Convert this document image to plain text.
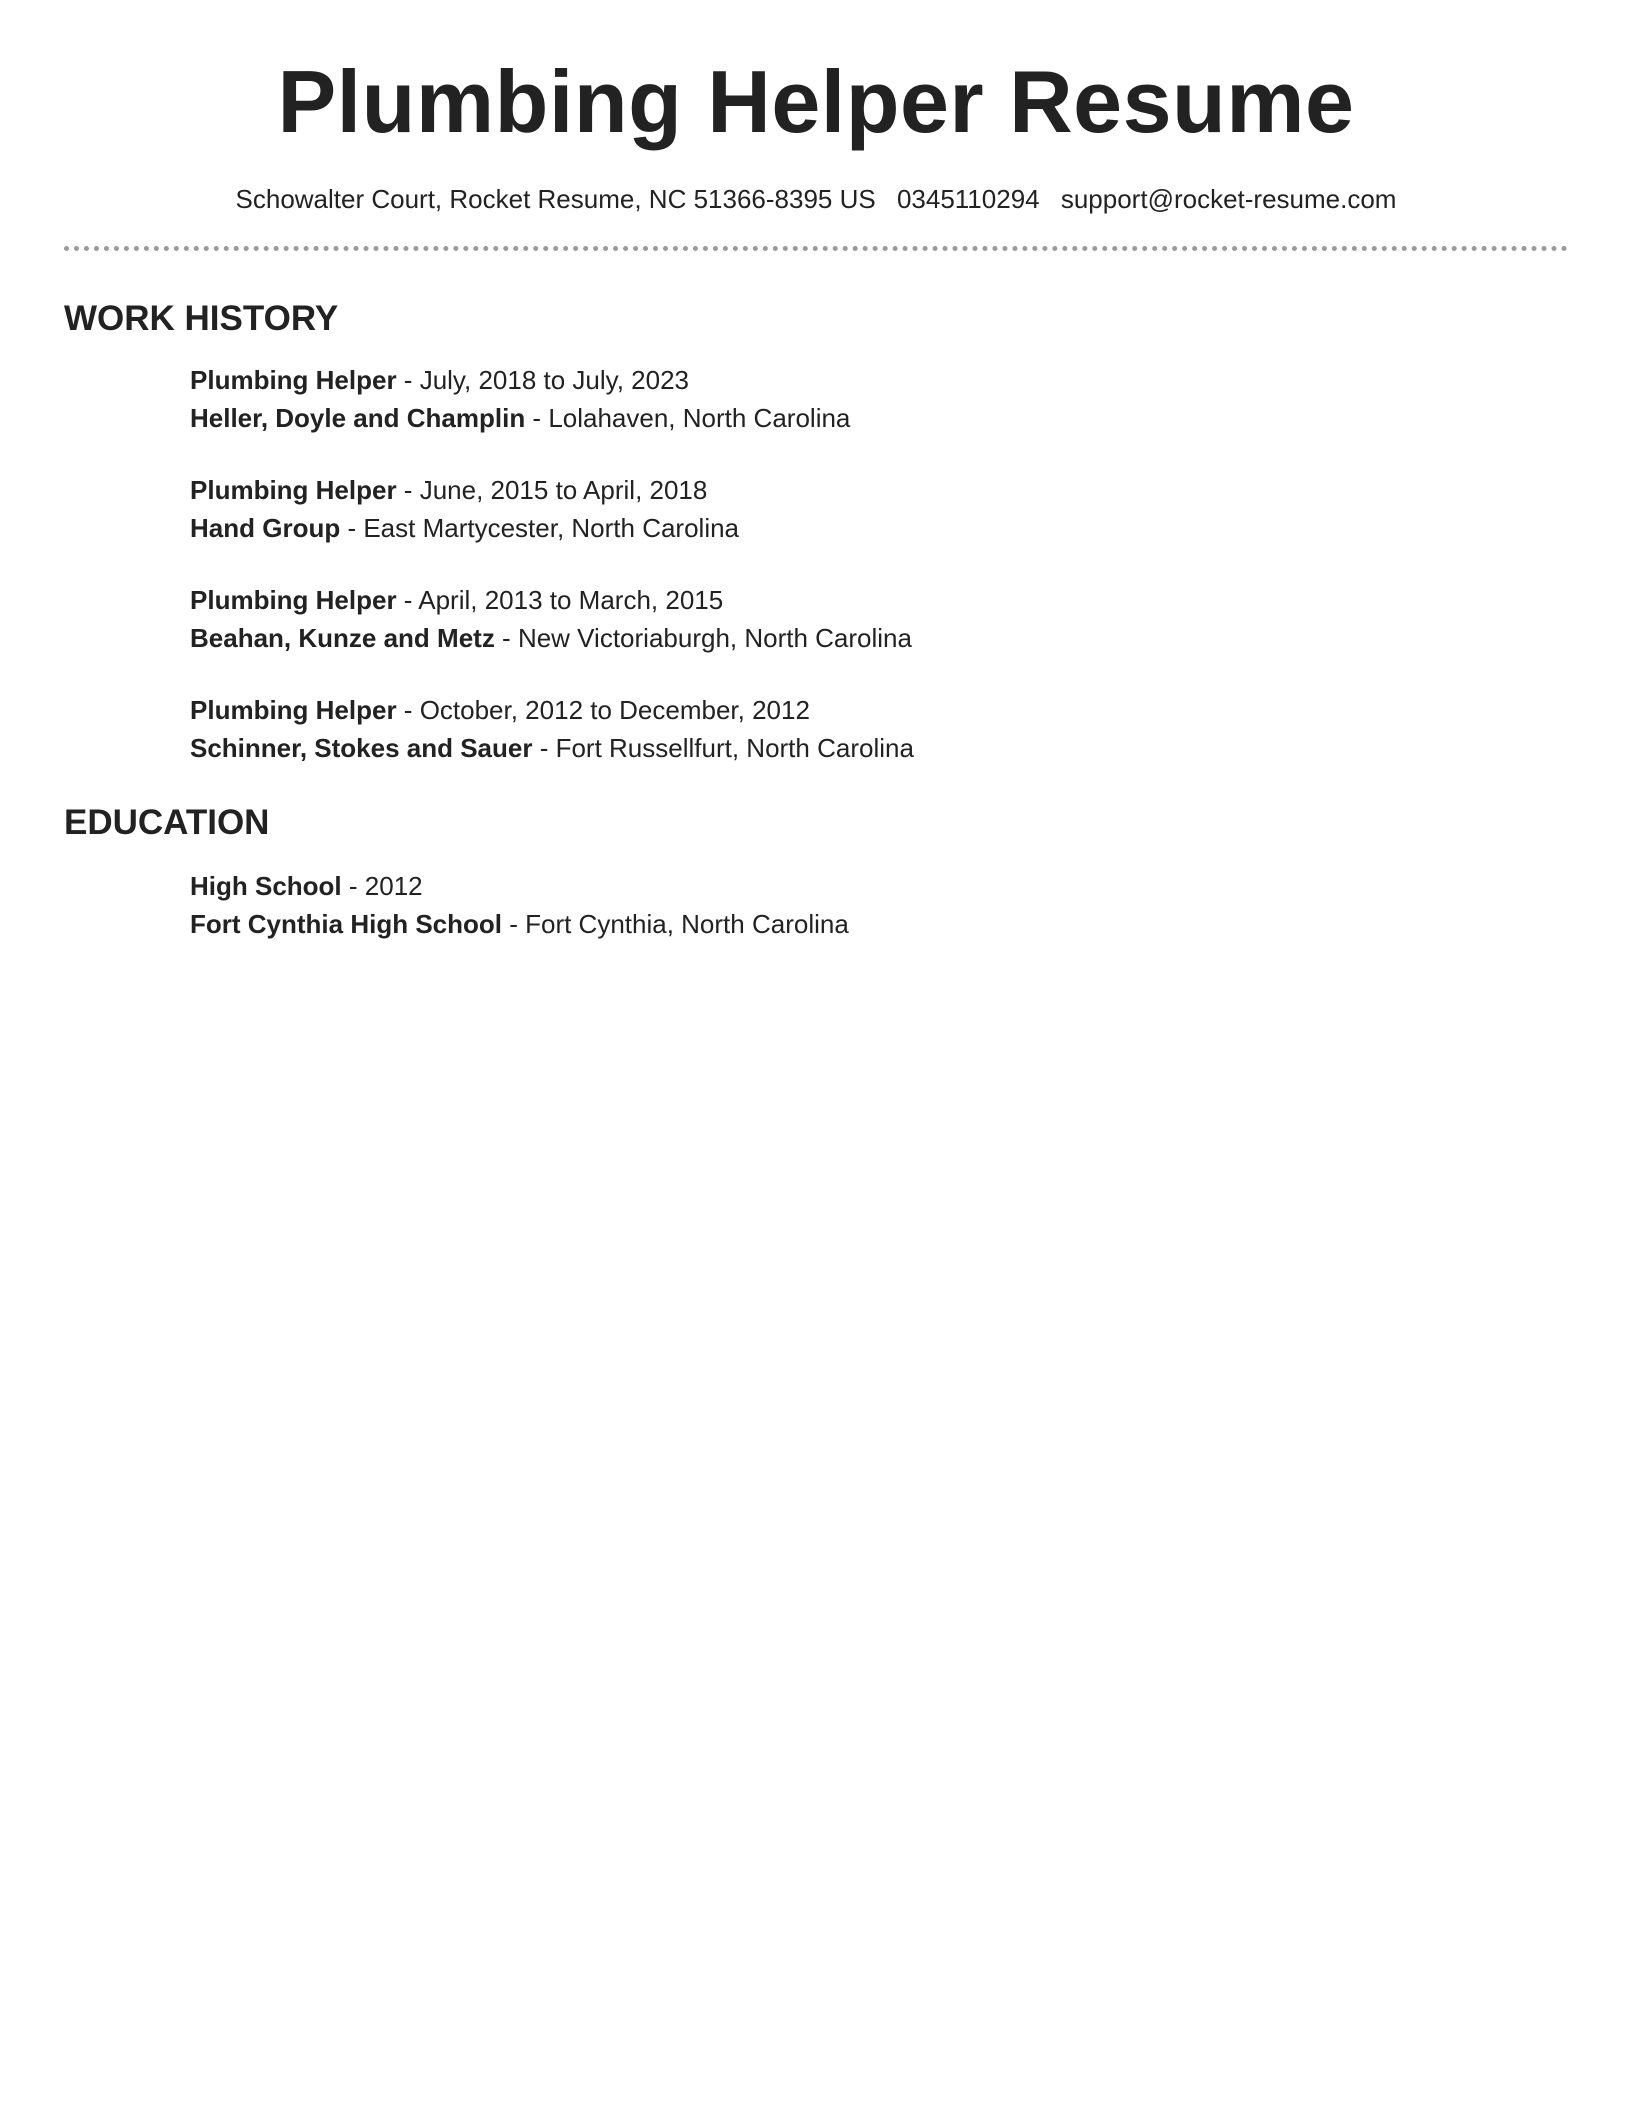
Plumbing Helper Resume
Schowalter Court, Rocket Resume, NC 51366-8395 US 0345110294 support@rocket-resume.com
WORK HISTORY
Plumbing Helper - July, 2018 to July, 2023
Heller, Doyle and Champlin - Lolahaven, North Carolina
Plumbing Helper - June, 2015 to April, 2018
Hand Group - East Martycester, North Carolina
Plumbing Helper - April, 2013 to March, 2015
Beahan, Kunze and Metz - New Victoriaburgh, North Carolina
Plumbing Helper - October, 2012 to December, 2012
Schinner, Stokes and Sauer - Fort Russellfurt, North Carolina
EDUCATION
High School - 2012
Fort Cynthia High School - Fort Cynthia, North Carolina
